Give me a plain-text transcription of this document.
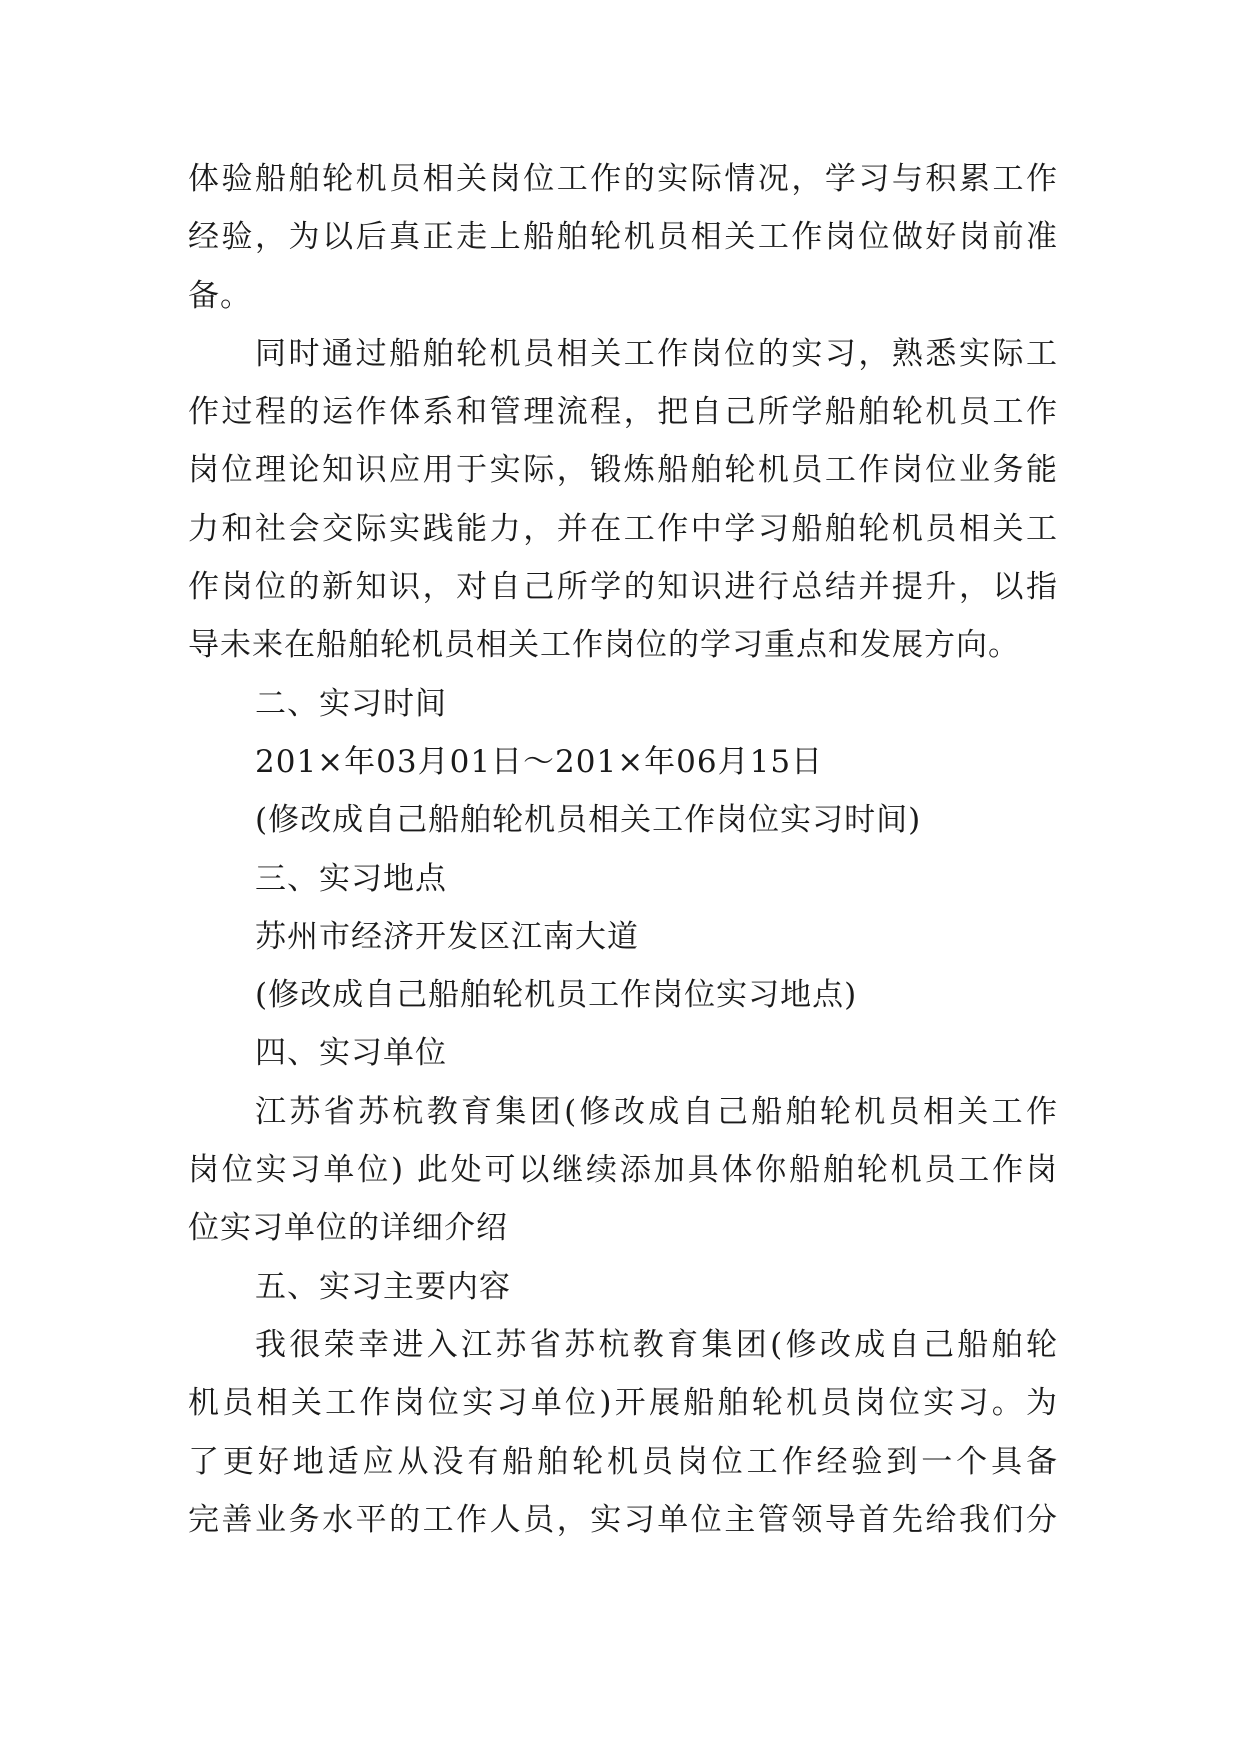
体验船舶轮机员相关岗位工作的实际情况，学习与积累工作
经验，为以后真正走上船舶轮机员相关工作岗位做好岗前准
备。
同时通过船舶轮机员相关工作岗位的实习，熟悉实际工
作过程的运作体系和管理流程，把自己所学船舶轮机员工作
岗位理论知识应用于实际，锻炼船舶轮机员工作岗位业务能
力和社会交际实践能力，并在工作中学习船舶轮机员相关工
作岗位的新知识，对自己所学的知识进行总结并提升，以指
导未来在船舶轮机员相关工作岗位的学习重点和发展方向。
二、实习时间
201×年03月01日～201×年06月15日
(修改成自己船舶轮机员相关工作岗位实习时间)
三、实习地点
苏州市经济开发区江南大道
(修改成自己船舶轮机员工作岗位实习地点)
四、实习单位
江苏省苏杭教育集团(修改成自己船舶轮机员相关工作
岗位实习单位) 此处可以继续添加具体你船舶轮机员工作岗
位实习单位的详细介绍
五、实习主要内容
我很荣幸进入江苏省苏杭教育集团(修改成自己船舶轮
机员相关工作岗位实习单位)开展船舶轮机员岗位实习。为
了更好地适应从没有船舶轮机员岗位工作经验到一个具备
完善业务水平的工作人员，实习单位主管领导首先给我们分
